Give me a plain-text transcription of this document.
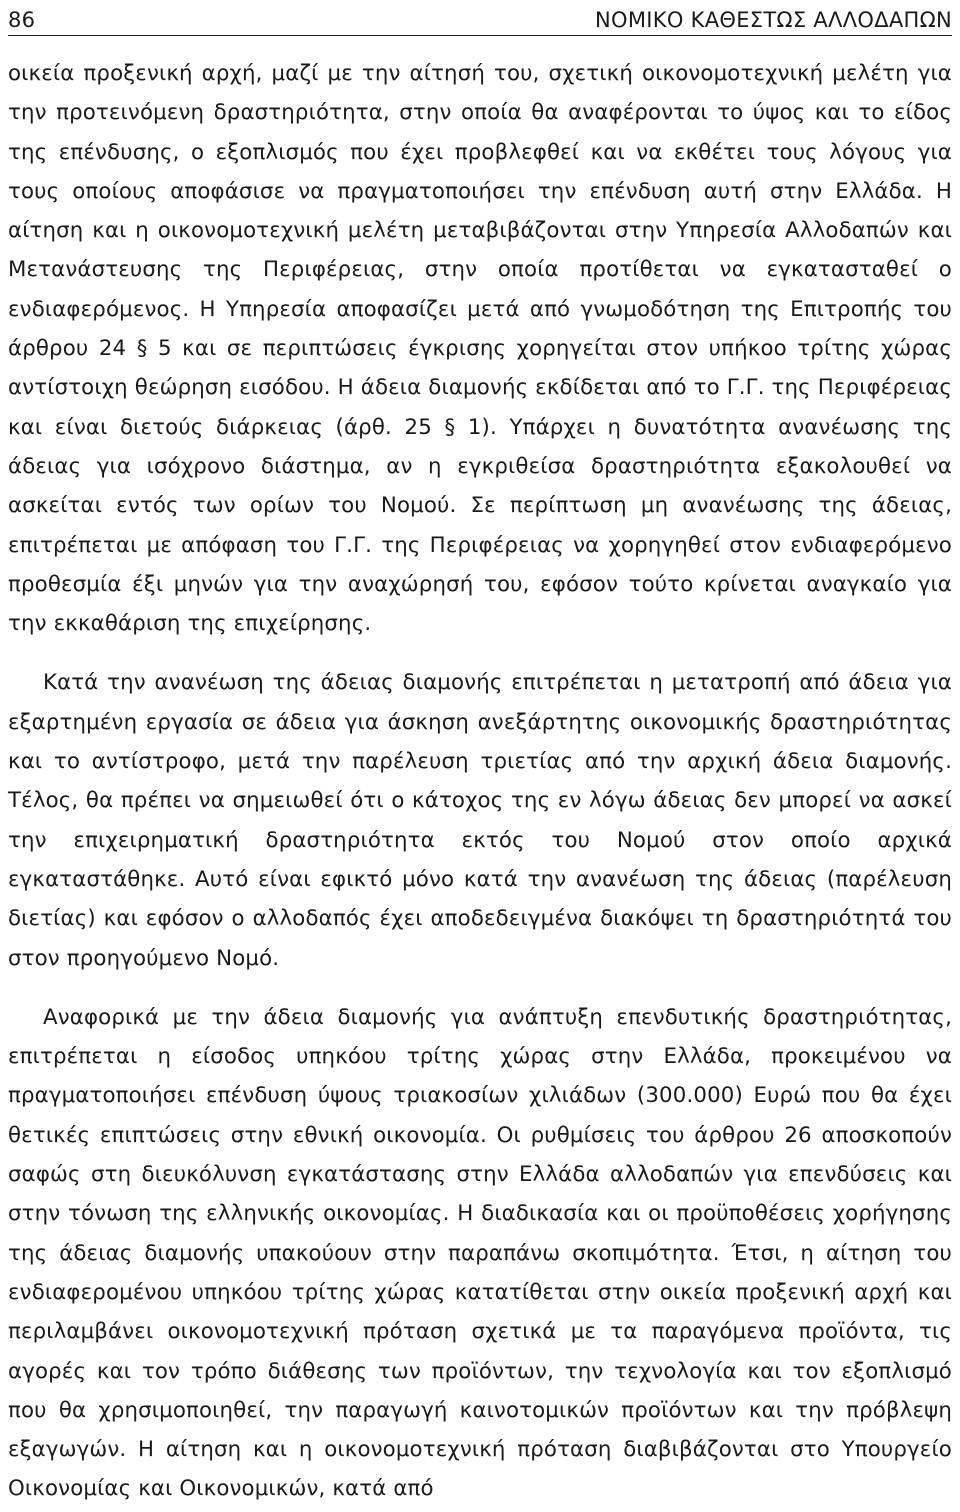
86	ΝΟΜΙΚΟ ΚΑΘΕΣΤΩΣ ΑΛΛΟΔΑΠΩΝ

οικεία προξενική αρχή, μαζί με την αίτησή του, σχετική οικονομοτεχνική μελέτη για την προτεινόμενη δραστηριότητα, στην οποία θα αναφέρονται το ύψος και το είδος της επένδυσης, ο εξοπλισμός που έχει προβλεφθεί και να εκθέτει τους λόγους για τους οποίους αποφάσισε να πραγματοποιήσει την επένδυση αυτή στην Ελλάδα. Η αίτηση και η οικονομοτεχνική μελέτη μεταβιβάζονται στην Υπηρεσία Αλλοδαπών και Μετανάστευσης της Περιφέρειας, στην οποία προτίθεται να εγκατασταθεί ο ενδιαφερόμενος. Η Υπηρεσία αποφασίζει μετά από γνωμοδότηση της Επιτροπής του άρθρου 24 § 5 και σε περιπτώσεις έγκρισης χορηγείται στον υπήκοο τρίτης χώρας αντίστοιχη θεώρηση εισόδου. Η άδεια διαμονής εκδίδεται από το Γ.Γ. της Περιφέρειας και είναι διετούς διάρκειας (άρθ. 25 § 1). Υπάρχει η δυνατότητα ανανέωσης της άδειας για ισόχρονο διάστημα, αν η εγκριθείσα δραστηριότητα εξακολουθεί να ασκείται εντός των ορίων του Νομού. Σε περίπτωση μη ανανέωσης της άδειας, επιτρέπεται με απόφαση του Γ.Γ. της Περιφέρειας να χορηγηθεί στον ενδιαφερόμενο προθεσμία έξι μηνών για την αναχώρησή του, εφόσον τούτο κρίνεται αναγκαίο για την εκκαθάριση της επιχείρησης.

Κατά την ανανέωση της άδειας διαμονής επιτρέπεται η μετατροπή από άδεια για εξαρτημένη εργασία σε άδεια για άσκηση ανεξάρτητης οικονομικής δραστηριότητας και το αντίστροφο, μετά την παρέλευση τριετίας από την αρχική άδεια διαμονής. Τέλος, θα πρέπει να σημειωθεί ότι ο κάτοχος της εν λόγω άδειας δεν μπορεί να ασκεί την επιχειρηματική δραστηριότητα εκτός του Νομού στον οποίο αρχικά εγκαταστάθηκε. Αυτό είναι εφικτό μόνο κατά την ανανέωση της άδειας (παρέλευση διετίας) και εφόσον ο αλλοδαπός έχει αποδεδειγμένα διακόψει τη δραστηριότητά του στον προηγούμενο Νομό.

Αναφορικά με την άδεια διαμονής για ανάπτυξη επενδυτικής δραστηριότητας, επιτρέπεται η είσοδος υπηκόου τρίτης χώρας στην Ελλάδα, προκειμένου να πραγματοποιήσει επένδυση ύψους τριακοσίων χιλιάδων (300.000) Ευρώ που θα έχει θετικές επιπτώσεις στην εθνική οικονομία. Οι ρυθμίσεις του άρθρου 26 αποσκοπούν σαφώς στη διευκόλυνση εγκατάστασης στην Ελλάδα αλλοδαπών για επενδύσεις και στην τόνωση της ελληνικής οικονομίας. Η διαδικασία και οι προϋποθέσεις χορήγησης της άδειας διαμονής υπακούουν στην παραπάνω σκοπιμότητα. Έτσι, η αίτηση του ενδιαφερομένου υπηκόου τρίτης χώρας κατατίθεται στην οικεία προξενική αρχή και περιλαμβάνει οικονομοτεχνική πρόταση σχετικά με τα παραγόμενα προϊόντα, τις αγορές και τον τρόπο διάθεσης των προϊόντων, την τεχνολογία και τον εξοπλισμό που θα χρησιμοποιηθεί, την παραγωγή καινοτομικών προϊόντων και την πρόβλεψη εξαγωγών. Η αίτηση και η οικονομοτεχνική πρόταση διαβιβάζονται στο Υπουργείο Οικονομίας και Οικονομικών, κατά από
